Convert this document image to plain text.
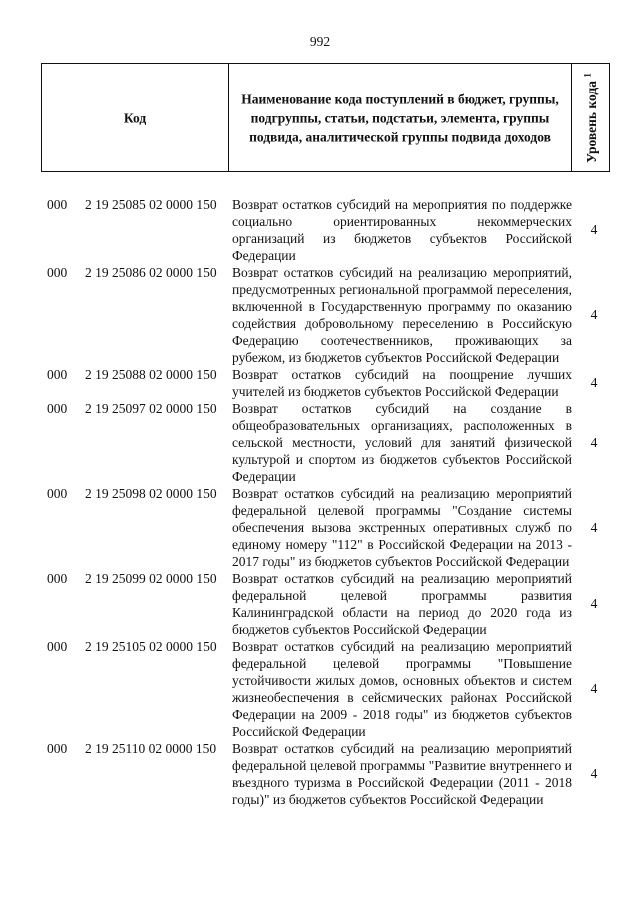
992
Код
Наименование кода поступлений в бюджет, группы, подгруппы, статьи, подстатьи, элемента, группы подвида, аналитической группы подвида доходов	Уровень кода $^1$
000 2 19 25085 02 0000 150 Возврат остатков субсидий на мероприятия по поддержке социально ориентированных некоммерческих организаций из бюджетов субъектов Российской Федерации
4
000 2 19 25086 02 0000 150 Возврат остатков субсидий на реализацию мероприятий, предусмотренных региональной программой переселения, включенной в Государственную программу по оказанию содействия добровольному переселению в Российскую Федерацию соотечественников, проживающих за рубежом, из бюджетов субъектов Российской Федерации
4
000 2 19 25088 02 0000 150 Возврат остатков субсидий на поощрение лучших учителей из бюджетов субъектов Российской Федерации
4
000 2 19 25097 02 0000 150 Возврат остатков субсидий на создание в общеобразовательных организациях, расположенных в сельской местности, условий для занятий физической культурой и спортом из бюджетов субъектов Российской Федерации
4
000 2 19 25098 02 0000 150 Возврат остатков субсидий на реализацию мероприятий федеральной целевой программы "Создание системы обеспечения вызова экстренных оперативных служб по единому номеру "112" в Российской Федерации на 2013 - 2017 годы" из бюджетов субъектов Российской Федерации
4
000 2 19 25099 02 0000 150 Возврат остатков субсидий на реализацию мероприятий федеральной целевой программы развития Калининградской области на период до 2020 года из бюджетов субъектов Российской Федерации
4
000 2 19 25105 02 0000 150 Возврат остатков субсидий на реализацию мероприятий федеральной целевой программы "Повышение устойчивости жилых домов, основных объектов и систем жизнеобеспечения в сейсмических районах Российской Федерации на 2009 - 2018 годы" из бюджетов субъектов Российской Федерации
4
000 2 19 25110 02 0000 150 Возврат остатков субсидий на реализацию мероприятий федеральной целевой программы "Развитие внутреннего и въездного туризма в Российской Федерации (2011 - 2018 годы)" из бюджетов субъектов Российской Федерации
4
